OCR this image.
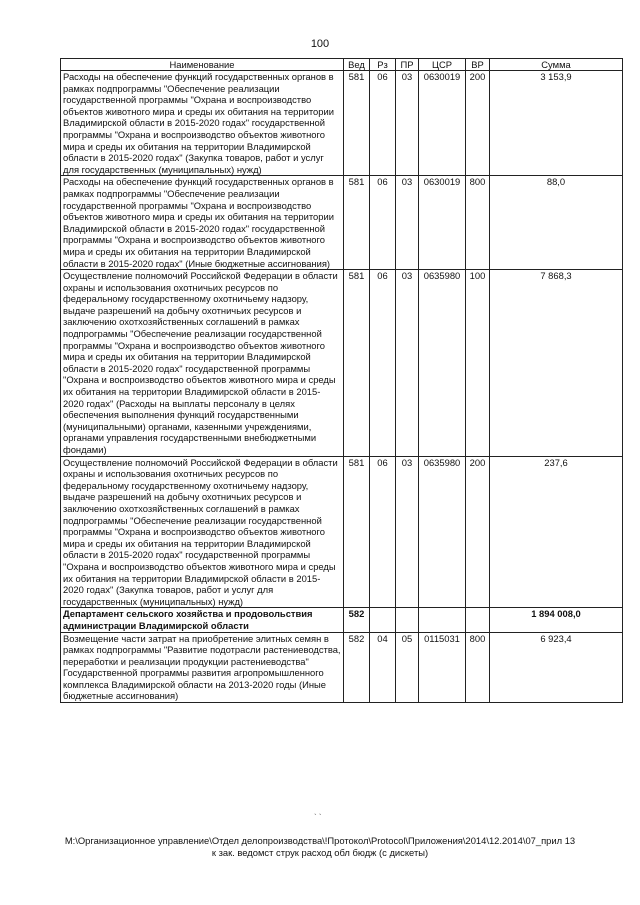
100
Наименование	Вед	Рз	ПР	ЦСР	ВР	Сумма
Расходы на обеспечение функций государственных органов в рамках подпрограммы "Обеспечение реализации государственной программы "Охрана и воспроизводство объектов животного мира и среды их обитания на территории Владимирской области в 2015-2020 годах" государственной программы "Охрана и воспроизводство объектов животного мира и среды их обитания на территории Владимирской области в 2015-2020 годах" (Закупка товаров, работ и услуг для государственных (муниципальных) нужд)	581	06	03	0630019	200	3 153,9
Расходы на обеспечение функций государственных органов в рамках подпрограммы "Обеспечение реализации государственной программы "Охрана и воспроизводство объектов животного мира и среды их обитания на территории Владимирской области в 2015-2020 годах" государственной программы "Охрана и воспроизводство объектов животного мира и среды их обитания на территории Владимирской области в 2015-2020 годах" (Иные бюджетные ассигнования)	581	06	03	0630019	800	88,0
Осуществление полномочий Российской Федерации в области охраны и использования охотничьих ресурсов по федеральному государственному охотничьему надзору, выдаче разрешений на добычу охотничьих ресурсов и заключению охотхозяйственных соглашений в рамках подпрограммы "Обеспечение реализации государственной программы "Охрана и воспроизводство объектов животного мира и среды их обитания на территории Владимирской области в 2015-2020 годах" государственной программы "Охрана и воспроизводство объектов животного мира и среды их обитания на территории Владимирской области в 2015-2020 годах" (Расходы на выплаты персоналу в целях обеспечения выполнения функций государственными (муниципальными) органами, казенными учреждениями, органами управления государственными внебюджетными фондами)	581	06	03	0635980	100	7 868,3
Осуществление полномочий Российской Федерации в области охраны и использования охотничьих ресурсов по федеральному государственному охотничьему надзору, выдаче разрешений на добычу охотничьих ресурсов и заключению охотхозяйственных соглашений в рамках подпрограммы "Обеспечение реализации государственной программы "Охрана и воспроизводство объектов животного мира и среды их обитания на территории Владимирской области в 2015-2020 годах" государственной программы "Охрана и воспроизводство объектов животного мира и среды их обитания на территории Владимирской области в 2015-2020 годах" (Закупка товаров, работ и услуг для государственных (муниципальных) нужд)	581	06	03	0635980	200	237,6
Департамент сельского хозяйства и продовольствия администрации Владимирской области	582					1 894 008,0
Возмещение части затрат на приобретение элитных семян в рамках подпрограммы "Развитие подотрасли растениеводства, переработки и реализации продукции растениеводства" Государственной программы развития агропромышленного комплекса Владимирской области на 2013-2020 годы (Иные бюджетные ассигнования)	582	04	05	0115031	800	6 923,4
` `
M:\Организационное управление\Отдел делопроизводства\!Протокол\Protocol\Приложения\2014\12.2014\07_прил 13
к зак. ведомст струк расход обл бюдж (с дискеты)
